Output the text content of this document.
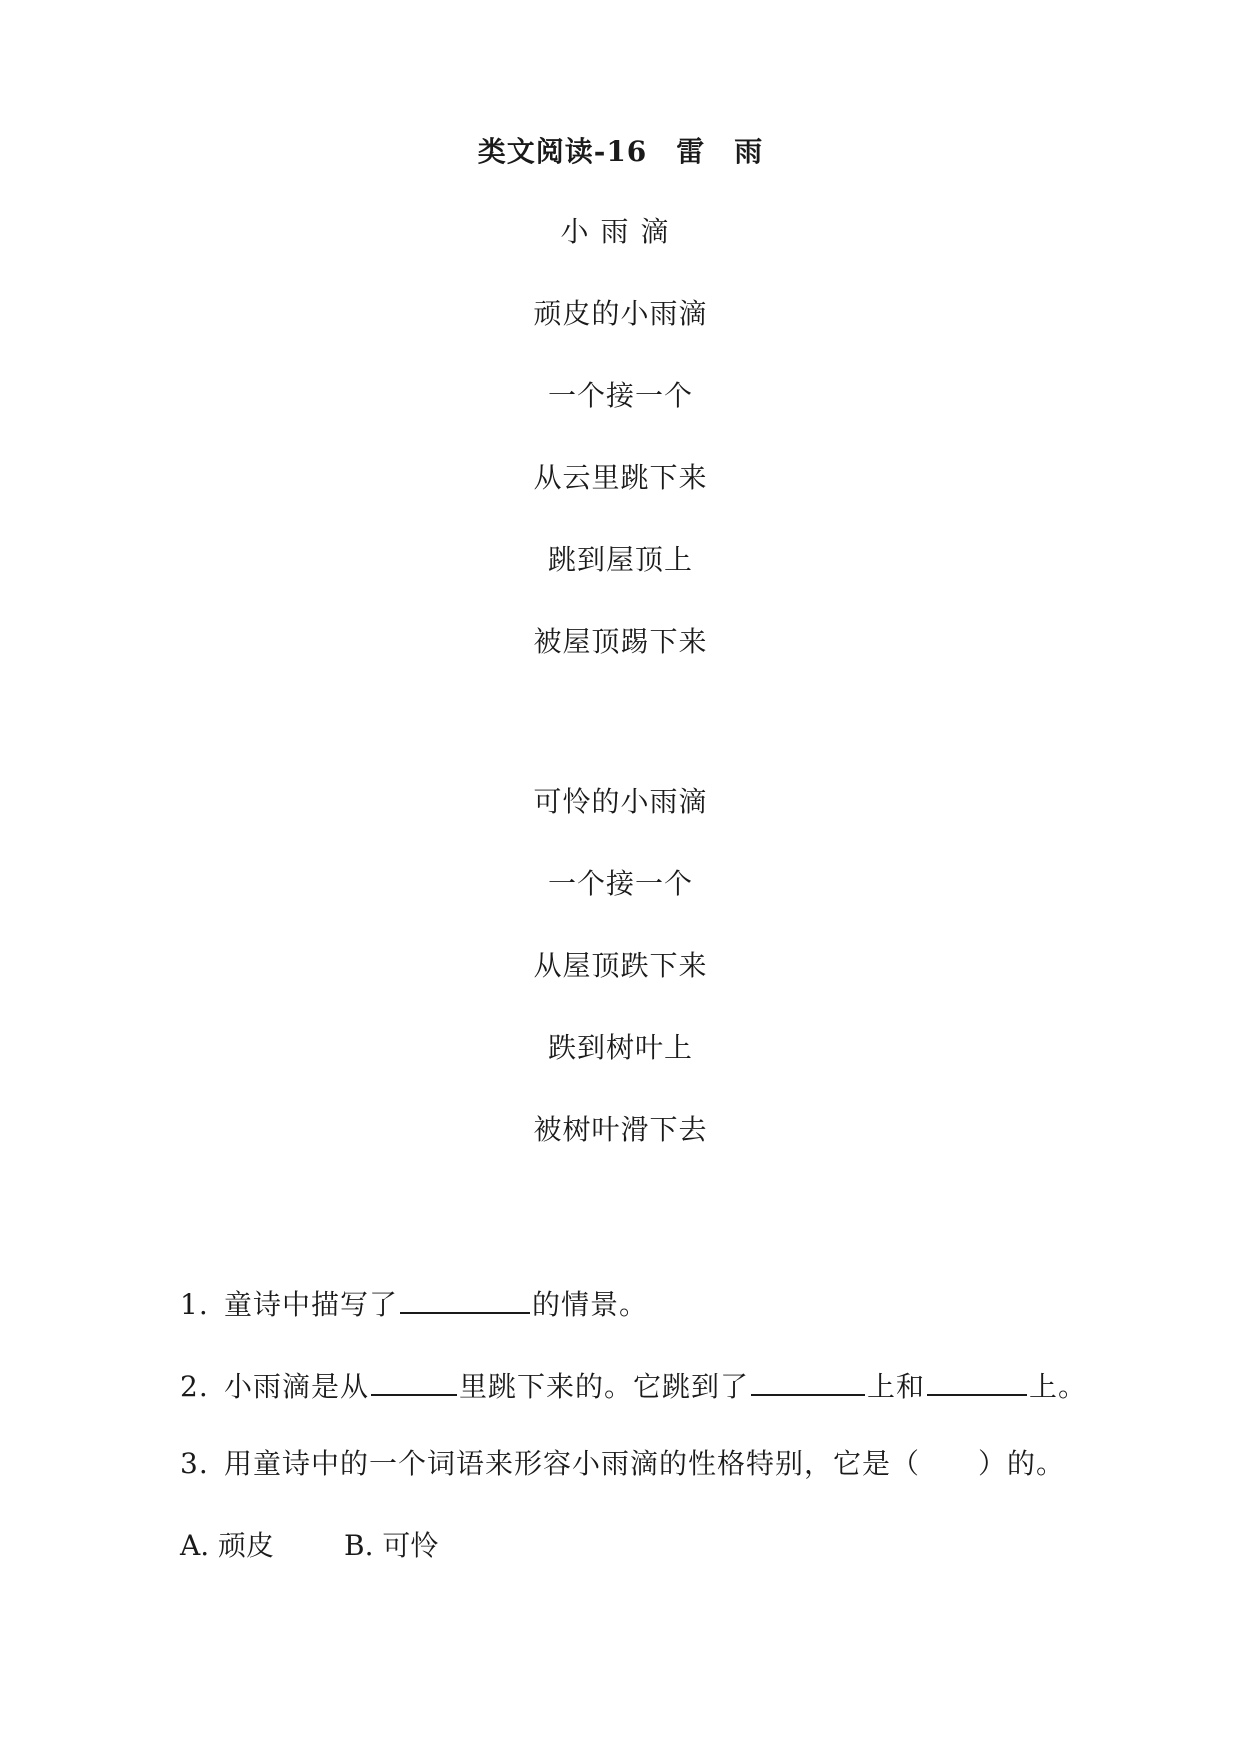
类文阅读-16　雷　雨
小雨滴
顽皮的小雨滴
一个接一个
从云里跳下来
跳到屋顶上
被屋顶踢下来
可怜的小雨滴
一个接一个
从屋顶跌下来
跌到树叶上
被树叶滑下去
1. 童诗中描写了	的情景。
2. 小雨滴是从	里跳下来的。它跳到了	上和	上。
3. 用童诗中的一个词语来形容小雨滴的性格特别，它是（　　）的。
A. 顽皮	B. 可怜
